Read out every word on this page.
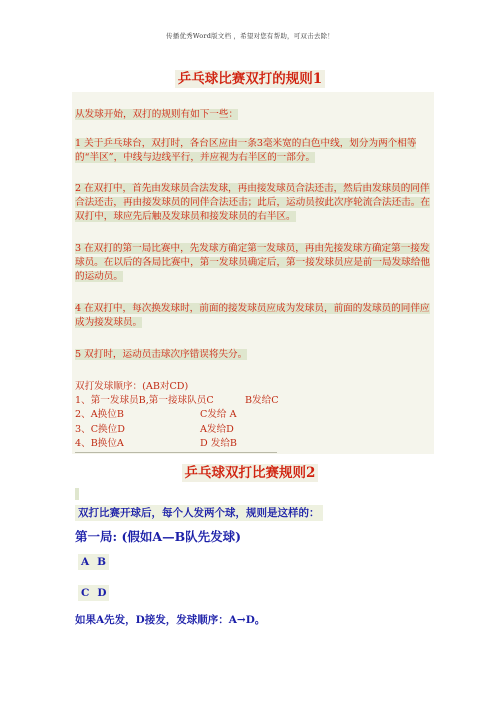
传播优秀Word版文档 ，希望对您有帮助，可双击去除！
乒乓球比赛双打的规则1
从发球开始，双打的规则有如下一些：
1 关于乒乓球台，双打时，各台区应由一条3毫米宽的白色中线，划分为两个相等的“半区”，中线与边线平行，并应视为右半区的一部分。
2 在双打中，首先由发球员合法发球，再由接发球员合法还击，然后由发球员的同伴合法还击，再由接发球员的同伴合法还击；此后，运动员按此次序轮流合法还击。在双打中，球应先后触及发球员和接发球员的右半区。
3 在双打的第一局比赛中，先发球方确定第一发球员，再由先接发球方确定第一接发球员。在以后的各局比赛中，第一发球员确定后，第一接发球员应是前一局发球给他的运动员。
4 在双打中，每次换发球时，前面的接发球员应成为发球员，前面的发球员的同伴应成为接发球员。
5 双打时，运动员击球次序错误将失分。
双打发球顺序：(AB对CD)
1、第一发球员B,第一接球队员C	B发给C
2、A换位B	C发给 A
3、C换位D	A发给D
4、B换位A	D 发给B
乒乓球双打比赛规则2
双打比赛开球后，每个人发两个球，规则是这样的：
第一局: (假如A—B队先发球)
A B
C D
如果A先发，D接发，发球顺序：A→D。
